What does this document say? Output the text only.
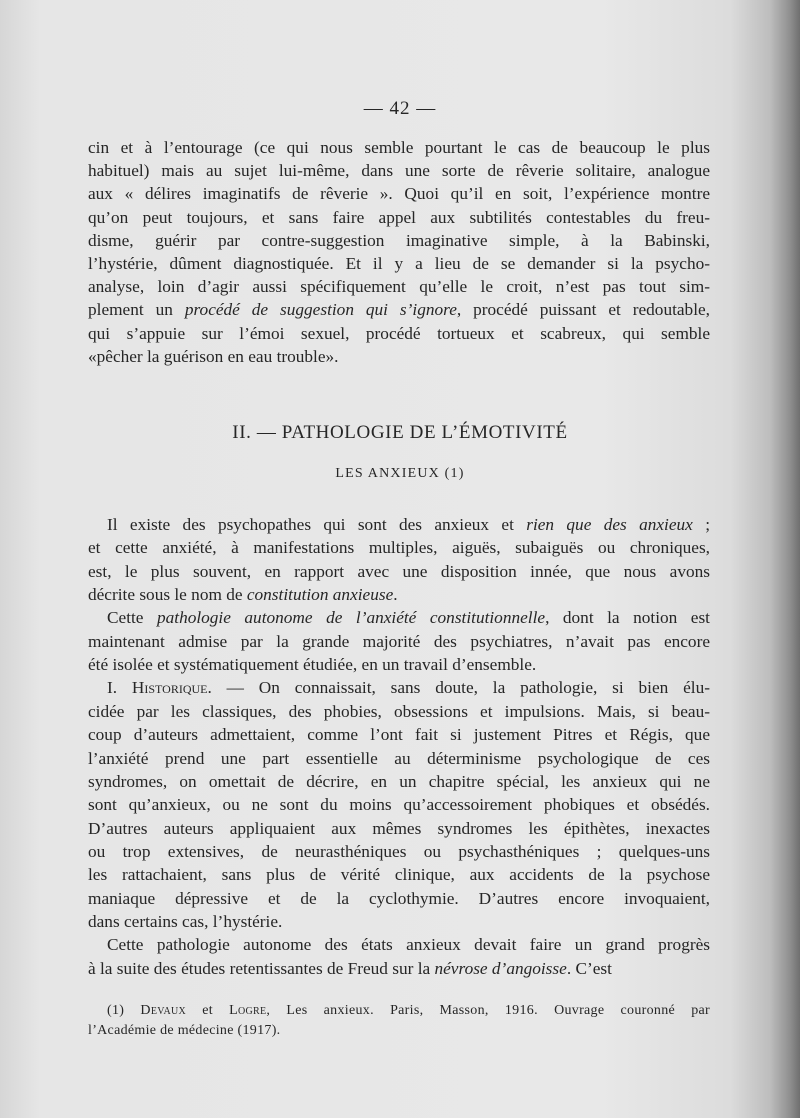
— 42 —
II. — PATHOLOGIE DE L’ÉMOTIVITÉ
LES ANXIEUX (1)
cin et à l’entourage (ce qui nous semble pourtant le cas de beaucoup le plus
habituel) mais au sujet lui-même, dans une sorte de rêverie solitaire, analogue
aux « délires imaginatifs de rêverie ». Quoi qu’il en soit, l’expérience montre
qu’on peut toujours, et sans faire appel aux subtilités contestables du freu-
disme, guérir par contre-suggestion imaginative simple, à la Babinski,
l’hystérie, dûment diagnostiquée. Et il y a lieu de se demander si la psycho-
analyse, loin d’agir aussi spécifiquement qu’elle le croit, n’est pas tout sim-
plement un procédé de suggestion qui s’ignore, procédé puissant et redoutable,
qui s’appuie sur l’émoi sexuel, procédé tortueux et scabreux, qui semble
«pêcher la guérison en eau trouble».
Il existe des psychopathes qui sont des anxieux et rien que des anxieux ;
et cette anxiété, à manifestations multiples, aiguës, subaiguës ou chroniques,
est, le plus souvent, en rapport avec une disposition innée, que nous avons
décrite sous le nom de constitution anxieuse.
Cette pathologie autonome de l’anxiété constitutionnelle, dont la notion est
maintenant admise par la grande majorité des psychiatres, n’avait pas encore
été isolée et systématiquement étudiée, en un travail d’ensemble.
I. Historique. — On connaissait, sans doute, la pathologie, si bien élu-
cidée par les classiques, des phobies, obsessions et impulsions. Mais, si beau-
coup d’auteurs admettaient, comme l’ont fait si justement Pitres et Régis, que
l’anxiété prend une part essentielle au déterminisme psychologique de ces
syndromes, on omettait de décrire, en un chapitre spécial, les anxieux qui ne
sont qu’anxieux, ou ne sont du moins qu’accessoirement phobiques et obsédés.
D’autres auteurs appliquaient aux mêmes syndromes les épithètes, inexactes
ou trop extensives, de neurasthéniques ou psychasthéniques ; quelques-uns
les rattachaient, sans plus de vérité clinique, aux accidents de la psychose
maniaque dépressive et de la cyclothymie. D’autres encore invoquaient,
dans certains cas, l’hystérie.
Cette pathologie autonome des états anxieux devait faire un grand progrès
à la suite des études retentissantes de Freud sur la névrose d’angoisse. C’est
(1) Devaux et Logre, Les anxieux. Paris, Masson, 1916. Ouvrage couronné par
l’Académie de médecine (1917).
